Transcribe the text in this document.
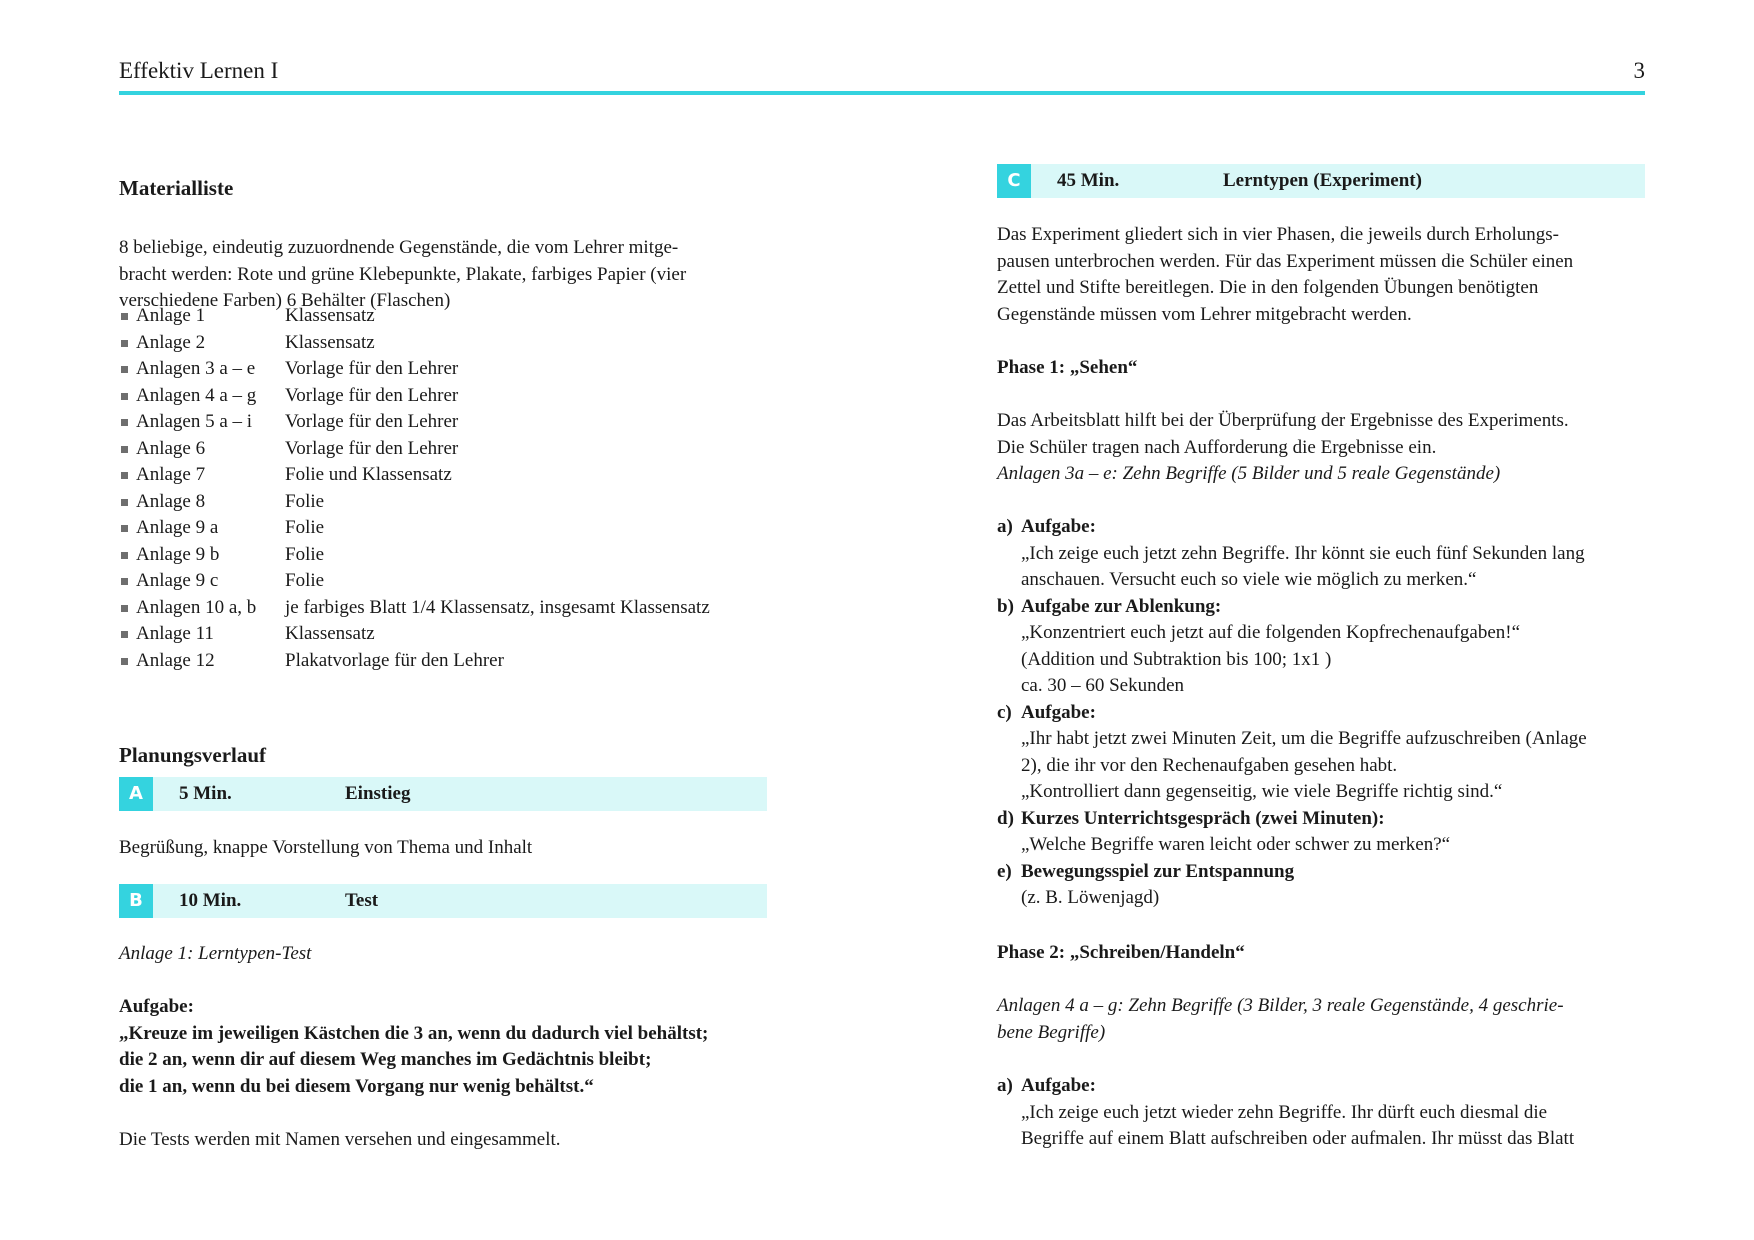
Effektiv Lernen I	3
Materialliste
8 beliebige, eindeutig zuzuordnende Gegenstände, die vom Lehrer mitge-
bracht werden: Rote und grüne Klebepunkte, Plakate, farbiges Papier (vier
verschiedene Farben) 6 Behälter (Flaschen)
Anlage 1	Klassensatz
Anlage 2	Klassensatz
Anlagen 3 a – e Vorlage für den Lehrer
Anlagen 4 a – g Vorlage für den Lehrer
Anlagen 5 a – i Vorlage für den Lehrer
Anlage 6	Vorlage für den Lehrer
Anlage 7	Folie und Klassensatz
Anlage 8	Folie
Anlage 9 a	Folie
Anlage 9 b	Folie
Anlage 9 c	Folie
Anlagen 10 a, b je farbiges Blatt 1/4 Klassensatz, insgesamt Klassensatz
Anlage 11	Klassensatz
Anlage 12	Plakatvorlage für den Lehrer
Planungsverlauf
A	5 Min.	Einstieg
Begrüßung, knappe Vorstellung von Thema und Inhalt
B	10 Min.	Test
Anlage 1: Lerntypen-Test
Aufgabe:
„Kreuze im jeweiligen Kästchen die 3 an, wenn du dadurch viel behältst;
die 2 an, wenn dir auf diesem Weg manches im Gedächtnis bleibt;
die 1 an, wenn du bei diesem Vorgang nur wenig behältst.“
Die Tests werden mit Namen versehen und eingesammelt.
C	45 Min.	Lerntypen (Experiment)
Das Experiment gliedert sich in vier Phasen, die jeweils durch Erholungs-
pausen unterbrochen werden. Für das Experiment müssen die Schüler einen
Zettel und Stifte bereitlegen. Die in den folgenden Übungen benötigten
Gegenstände müssen vom Lehrer mitgebracht werden.
Phase 1: „Sehen“
Das Arbeitsblatt hilft bei der Überprüfung der Ergebnisse des Experiments.
Die Schüler tragen nach Aufforderung die Ergebnisse ein.
Anlagen 3a – e: Zehn Begriffe (5 Bilder und 5 reale Gegenstände)
a) Aufgabe:
„Ich zeige euch jetzt zehn Begriffe. Ihr könnt sie euch fünf Sekunden lang
anschauen. Versucht euch so viele wie möglich zu merken.“
b) Aufgabe zur Ablenkung:
„Konzentriert euch jetzt auf die folgenden Kopfrechenaufgaben!“
(Addition und Subtraktion bis 100; 1x1 )
ca. 30 – 60 Sekunden
c) Aufgabe:
„Ihr habt jetzt zwei Minuten Zeit, um die Begriffe aufzuschreiben (Anlage
2), die ihr vor den Rechenaufgaben gesehen habt.
„Kontrolliert dann gegenseitig, wie viele Begriffe richtig sind.“
d) Kurzes Unterrichtsgespräch (zwei Minuten):
„Welche Begriffe waren leicht oder schwer zu merken?“
e) Bewegungsspiel zur Entspannung
(z. B. Löwenjagd)
Phase 2: „Schreiben/Handeln“
Anlagen 4 a – g: Zehn Begriffe (3 Bilder, 3 reale Gegenstände, 4 geschrie-
bene Begriffe)
a) Aufgabe:
„Ich zeige euch jetzt wieder zehn Begriffe. Ihr dürft euch diesmal die
Begriffe auf einem Blatt aufschreiben oder aufmalen. Ihr müsst das Blatt
